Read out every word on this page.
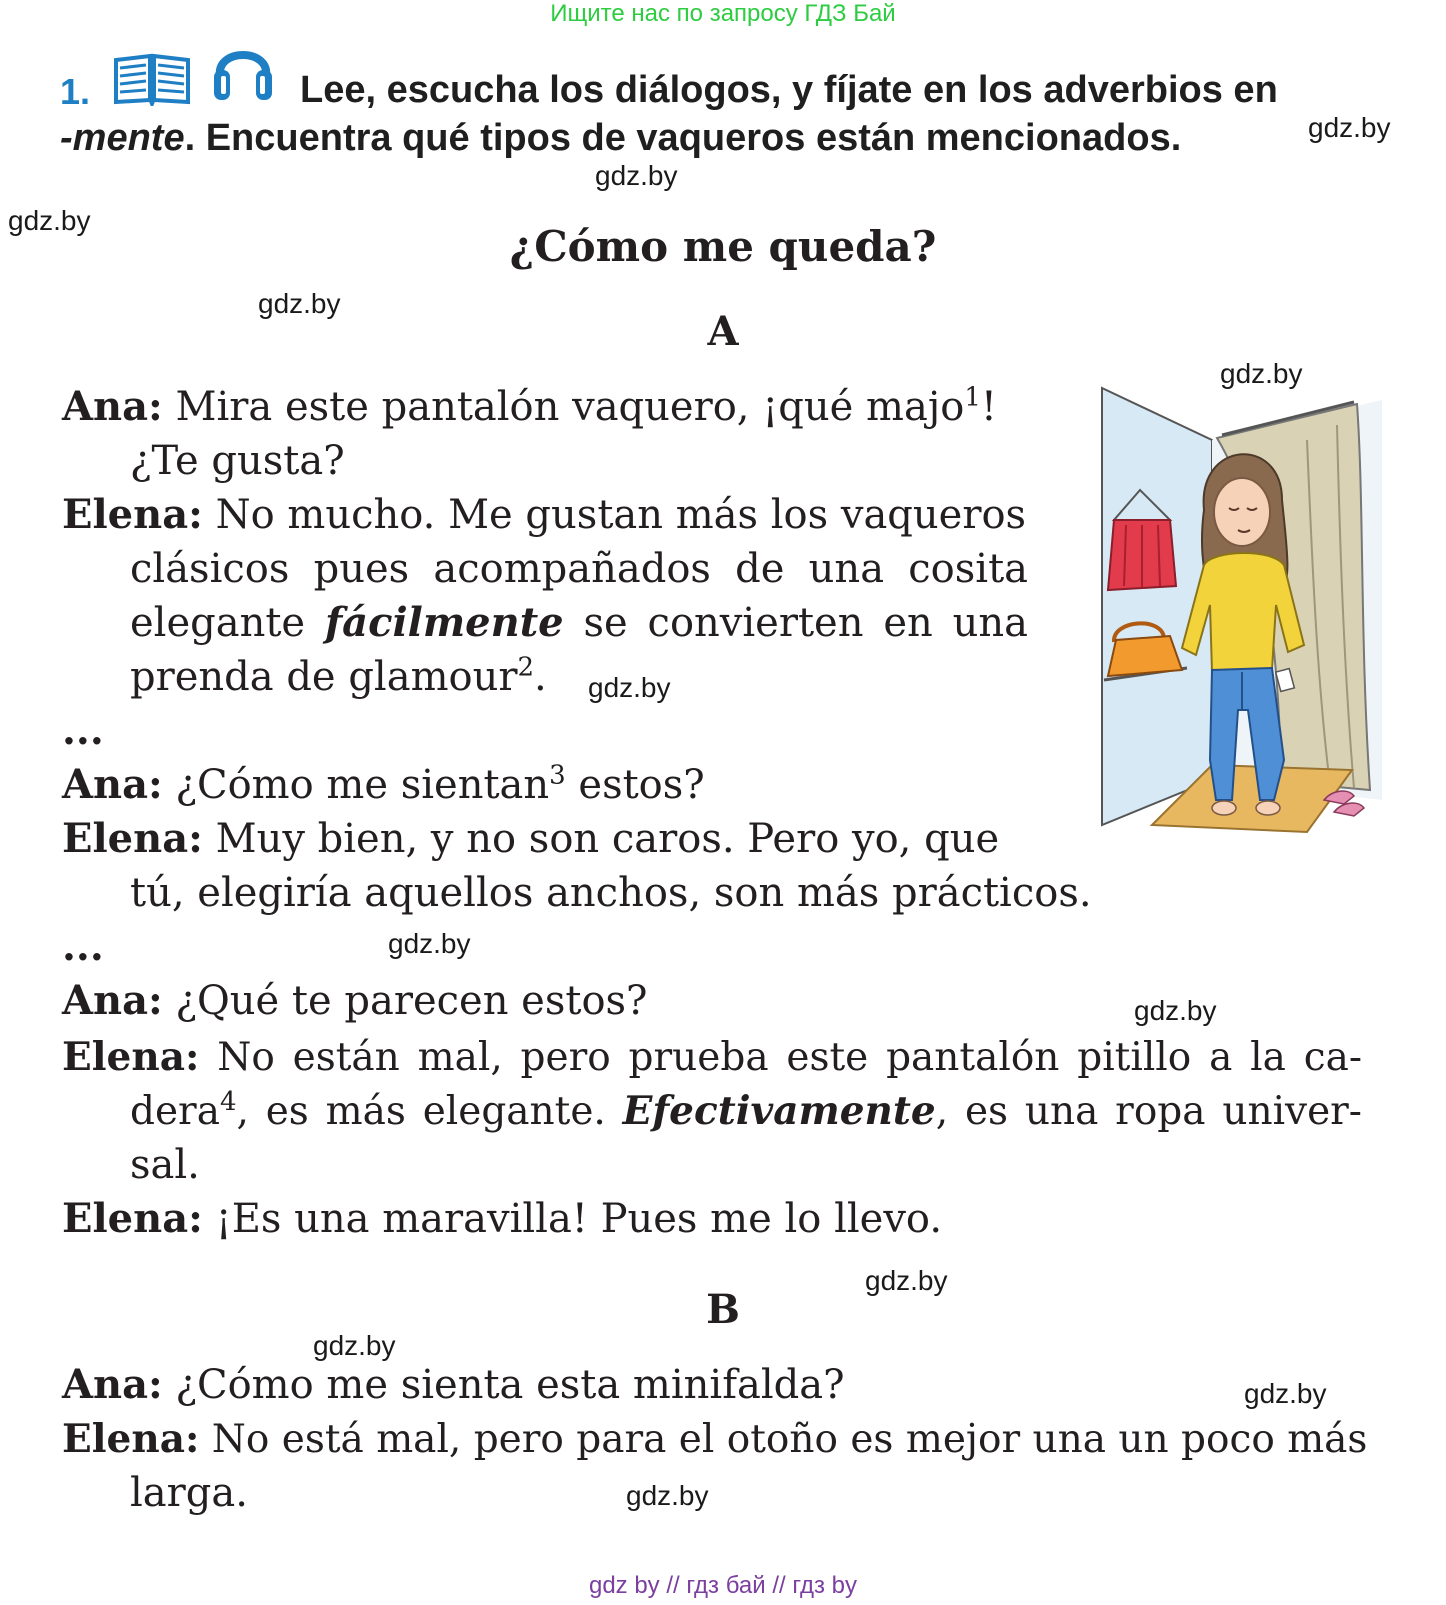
Ищите нас по запросу ГДЗ Бай
gdz.by
gdz.by
gdz.by
gdz.by
gdz.by
gdz.by
gdz.by
gdz.by
gdz.by
gdz.by
gdz.by
gdz.by
1.	Lee, escucha los diálogos, y fíjate en los adverbios en
-mente. Encuentra qué tipos de vaqueros están mencionados.
¿Cómo me queda?
A
Ana: Mira este pantalón vaquero, ¡qué majo$^1$!
¿Te gusta?
Elena: No mucho. Me gustan más los vaqueros
clásicos pues acompañados de una cosita
elegante fácilmente se convierten en una
prenda de glamour$^2$.
...
Ana: ¿Cómo me sientan$^3$ estos?
Elena: Muy bien, y no son caros. Pero yo, que
tú, elegiría aquellos anchos, son más prácticos.
...
Ana: ¿Qué te parecen estos?
Elena: No están mal, pero prueba este pantalón pitillo a la ca-
dera$^4$, es más elegante. Efectivamente, es una ropa univer-
sal.
Elena: ¡Es una maravilla! Pues me lo llevo.
B
Ana: ¿Cómo me sienta esta minifalda?
Elena: No está mal, pero para el otoño es mejor una un poco más
larga.
gdz by // гдз бай // гдз by
